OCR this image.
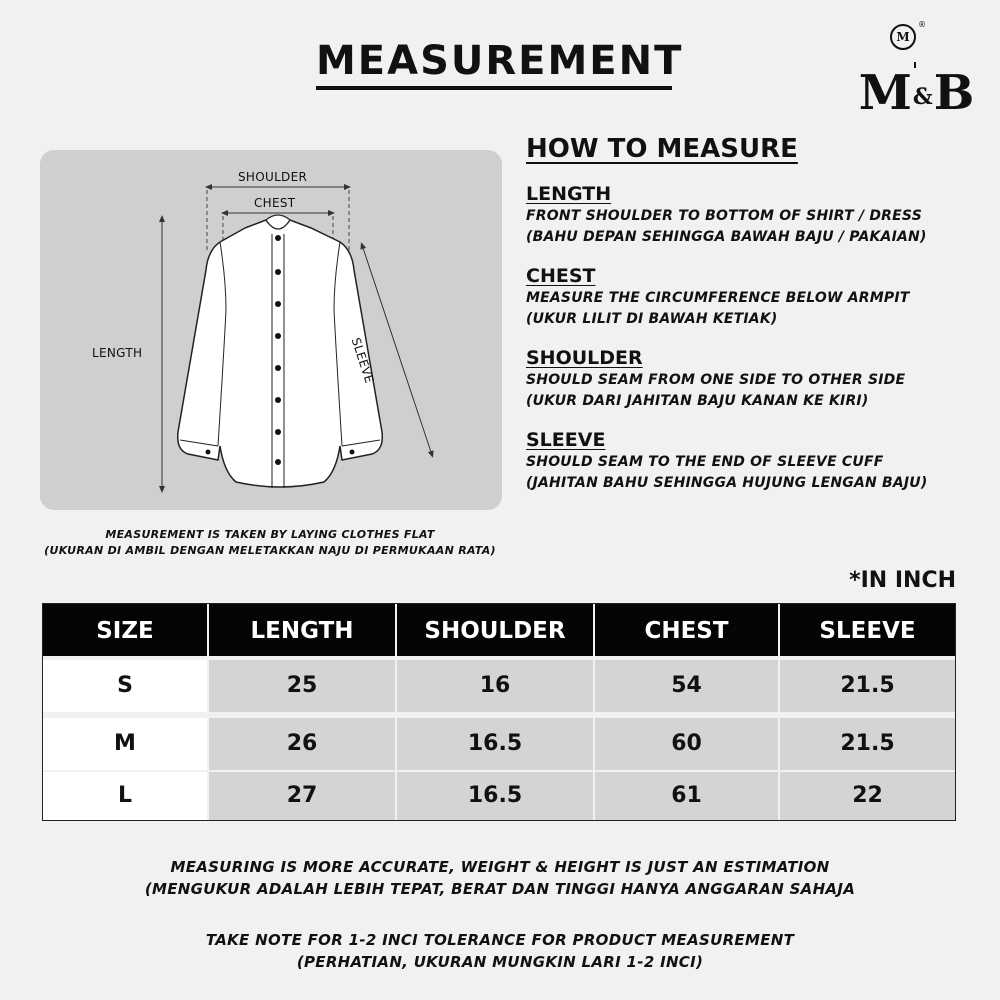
MEASUREMENT
M
®
M&B
SHOULDER
CHEST
LENGTH	SLEEVE
MEASUREMENT IS TAKEN BY LAYING CLOTHES FLAT
(UKURAN DI AMBIL DENGAN MELETAKKAN NAJU DI PERMUKAAN RATA)
HOW TO MEASURE
LENGTH
FRONT SHOULDER TO BOTTOM OF SHIRT / DRESS
(BAHU DEPAN SEHINGGA BAWAH BAJU / PAKAIAN)
CHEST
MEASURE THE CIRCUMFERENCE BELOW ARMPIT
(UKUR LILIT DI BAWAH KETIAK)
SHOULDER
SHOULD SEAM FROM ONE SIDE TO OTHER SIDE
(UKUR DARI JAHITAN BAJU KANAN KE KIRI)
SLEEVE
SHOULD SEAM TO THE END OF SLEEVE CUFF
(JAHITAN BAHU SEHINGGA HUJUNG LENGAN BAJU)
*IN INCH
SIZE	LENGTH	SHOULDER	CHEST	SLEEVE
S	25	16	54	21.5
M	26	16.5	60	21.5
L	27	16.5	61	22
MEASURING IS MORE ACCURATE, WEIGHT & HEIGHT IS JUST AN ESTIMATION
(MENGUKUR ADALAH LEBIH TEPAT, BERAT DAN TINGGI HANYA ANGGARAN SAHAJA
TAKE NOTE FOR 1-2 INCI TOLERANCE FOR PRODUCT MEASUREMENT
(PERHATIAN, UKURAN MUNGKIN LARI 1-2 INCI)
